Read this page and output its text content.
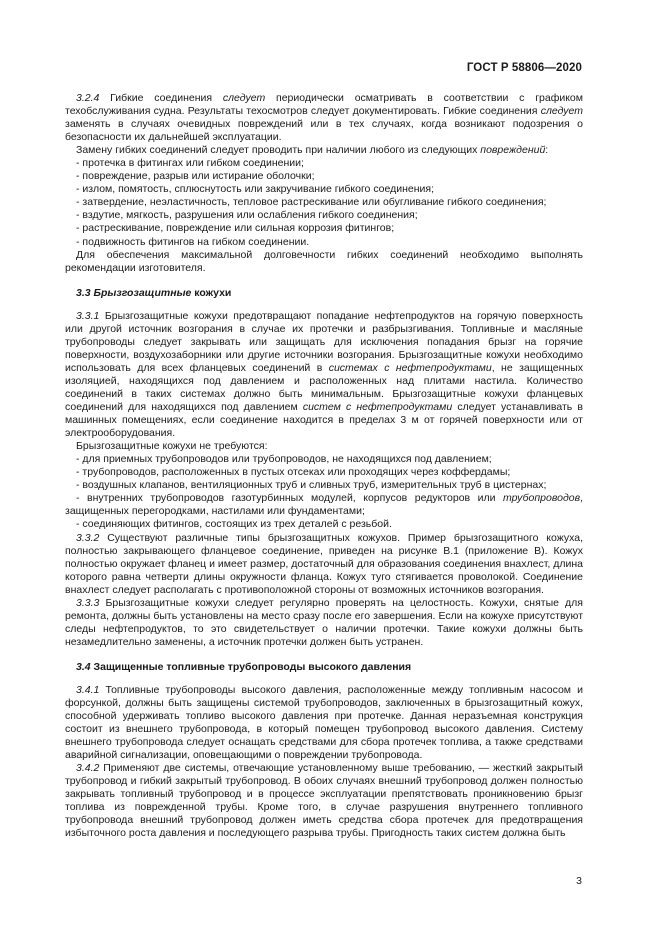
ГОСТ Р 58806—2020

3.2.4 Гибкие соединения следует периодически осматривать в соответствии с графиком техобслуживания судна. Результаты техосмотров следует документировать. Гибкие соединения следует заменять в случаях очевидных повреждений или в тех случаях, когда возникают подозрения о безопасности их дальнейшей эксплуатации.

Замену гибких соединений следует проводить при наличии любого из следующих повреждений:

- протечка в фитингах или гибком соединении;

- повреждение, разрыв или истирание оболочки;

- излом, помятость, сплюснутость или закручивание гибкого соединения;

- затвердение, неэластичность, тепловое растрескивание или обугливание гибкого соединения;

- вздутие, мягкость, разрушения или ослабления гибкого соединения;

- растрескивание, повреждение или сильная коррозия фитингов;

- подвижность фитингов на гибком соединении.

Для обеспечения максимальной долговечности гибких соединений необходимо выполнять рекомендации изготовителя.

3.3 Брызгозащитные кожухи

3.3.1 Брызгозащитные кожухи предотвращают попадание нефтепродуктов на горячую поверхность или другой источник возгорания в случае их протечки и разбрызгивания. Топливные и масляные трубопроводы следует закрывать или защищать для исключения попадания брызг на горячие поверхности, воздухозаборники или другие источники возгорания. Брызгозащитные кожухи необходимо использовать для всех фланцевых соединений в системах с нефтепродуктами, не защищенных изоляцией, находящихся под давлением и расположенных над плитами настила. Количество соединений в таких системах должно быть минимальным. Брызгозащитные кожухи фланцевых соединений для находящихся под давлением систем с нефтепродуктами следует устанавливать в машинных помещениях, если соединение находится в пределах 3 м от горячей поверхности или от электрооборудования.

Брызгозащитные кожухи не требуются:

- для приемных трубопроводов или трубопроводов, не находящихся под давлением;

- трубопроводов, расположенных в пустых отсеках или проходящих через коффердамы;

- воздушных клапанов, вентиляционных труб и сливных труб, измерительных труб в цистернах;

- внутренних трубопроводов газотурбинных модулей, корпусов редукторов или трубопроводов, защищенных перегородками, настилами или фундаментами;

- соединяющих фитингов, состоящих из трех деталей с резьбой.

3.3.2 Существуют различные типы брызгозащитных кожухов. Пример брызгозащитного кожуха, полностью закрывающего фланцевое соединение, приведен на рисунке В.1 (приложение В). Кожух полностью окружает фланец и имеет размер, достаточный для образования соединения внахлест, длина которого равна четверти длины окружности фланца. Кожух туго стягивается проволокой. Соединение внахлест следует располагать с противоположной стороны от возможных источников возгорания.

3.3.3 Брызгозащитные кожухи следует регулярно проверять на целостность. Кожухи, снятые для ремонта, должны быть установлены на место сразу после его завершения. Если на кожухе присутствуют следы нефтепродуктов, то это свидетельствует о наличии протечки. Такие кожухи должны быть незамедлительно заменены, а источник протечки должен быть устранен.

3.4 Защищенные топливные трубопроводы высокого давления

3.4.1 Топливные трубопроводы высокого давления, расположенные между топливным насосом и форсункой, должны быть защищены системой трубопроводов, заключенных в брызгозащитный кожух, способной удерживать топливо высокого давления при протечке. Данная неразъемная конструкция состоит из внешнего трубопровода, в который помещен трубопровод высокого давления. Систему внешнего трубопровода следует оснащать средствами для сбора протечек топлива, а также средствами аварийной сигнализации, оповещающими о повреждении трубопровода.

3.4.2 Применяют две системы, отвечающие установленному выше требованию, — жесткий закрытый трубопровод и гибкий закрытый трубопровод. В обоих случаях внешний трубопровод должен полностью закрывать топливный трубопровод и в процессе эксплуатации препятствовать проникновению брызг топлива из поврежденной трубы. Кроме того, в случае разрушения внутреннего топливного трубопровода внешний трубопровод должен иметь средства сбора протечек для предотвращения избыточного роста давления и последующего разрыва трубы. Пригодность таких систем должна быть

3
